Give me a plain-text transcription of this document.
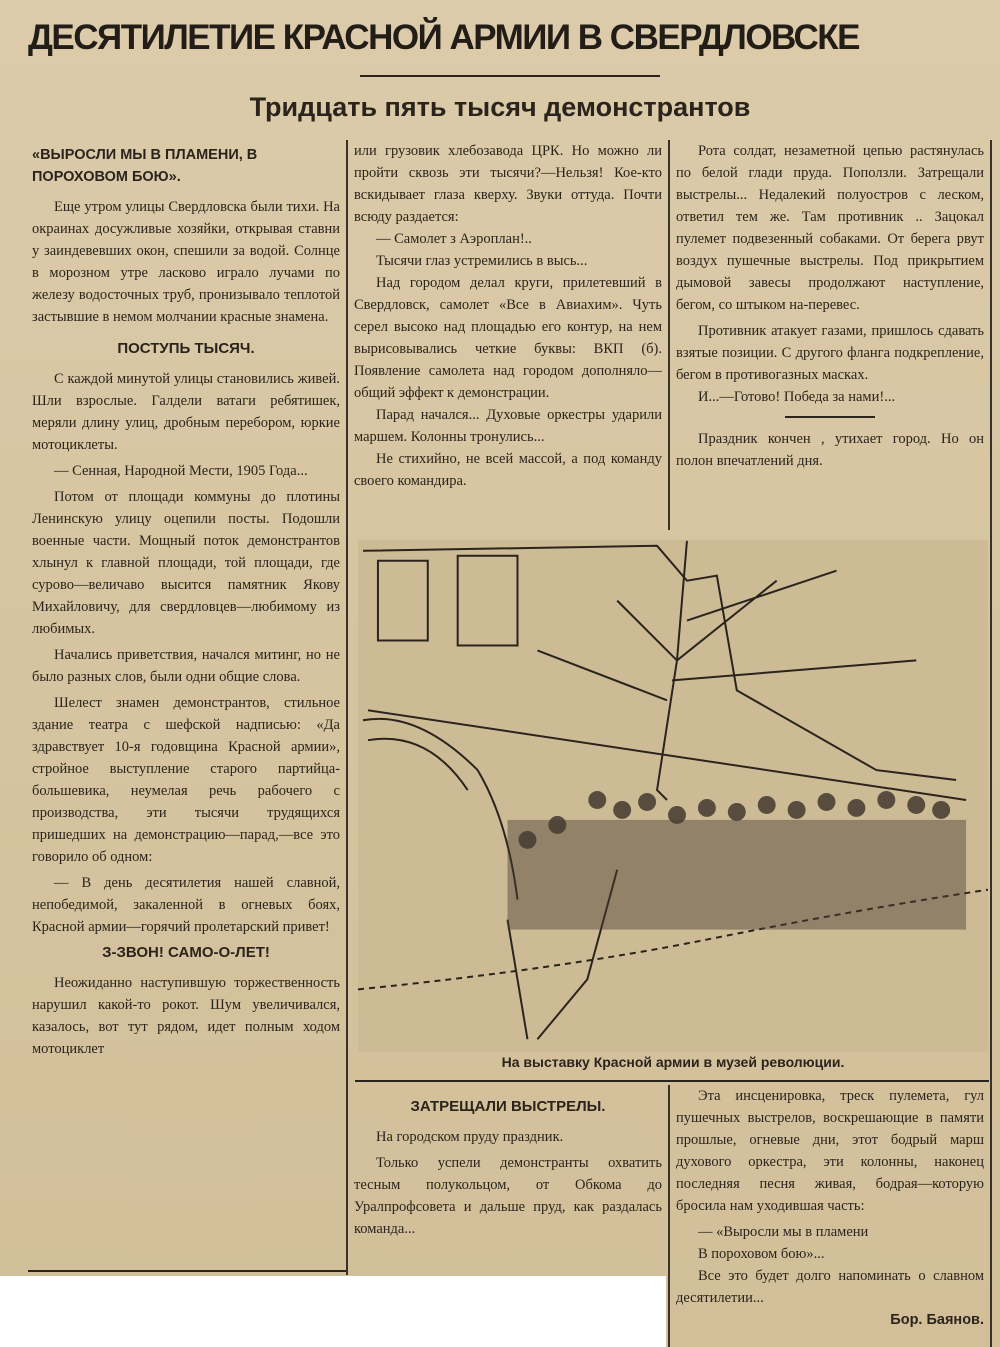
ДЕСЯТИЛЕТИЕ КРАСНОЙ АРМИИ В СВЕРДЛОВСКЕ
Тридцать пять тысяч демонстрантов
«ВЫРОСЛИ МЫ В ПЛАМЕНИ, В ПОРОХОВОМ БОЮ».

Еще утром улицы Свердловска были тихи. На окраинах досужливые хозяйки, открывая ставни у заиндевевших окон, спешили за водой. Солнце в морозном утре ласково играло лучами по железу водосточных труб, пронизывало теплотой застывшие в немом молчании красные знамена.

ПОСТУПЬ ТЫСЯЧ.

С каждой минутой улицы становились живей. Шли взрослые. Галдели ватаги ребятишек, меряли длину улиц, дробным перебором, юркие мотоциклеты.

— Сенная, Народной Мести, 1905 Года...

Потом от площади коммуны до плотины Ленинскую улицу оцепили посты. Подошли военные части. Мощный поток демонстрантов хлынул к главной площади, той площади, где сурово—величаво высится памятник Якову Михайловичу, для свердловцев—любимому из любимых.

Начались приветствия, начался митинг, но не было разных слов, были одни общие слова.

Шелест знамен демонстрантов, стильное здание театра с шефской надписью: «Да здравствует 10-я годовщина Красной армии», стройное выступление старого партийца-большевика, неумелая речь рабочего с производства, эти тысячи трудящихся пришедших на демонстрацию—парад,—все это говорило об одном:

— В день десятилетия нашей славной, непобедимой, закаленной в огневых боях, Красной армии—горячий пролетарский привет!

З-ЗВОН! САМО-О-ЛЕТ!

Неожиданно наступившую торжественность нарушил какой-то рокот. Шум увеличивался, казалось, вот тут рядом, идет полным ходом мотоциклет

или грузовик хлебозавода ЦРК. Но можно ли пройти сквозь эти тысячи?—Нельзя! Кое-кто вскидывает глаза кверху. Звуки оттуда. Почти всюду раздается:

— Самолет з Аэроплан!..

Тысячи глаз устремились в высь...

Над городом делал круги, прилетевший в Свердловск, самолет «Все в Авиахим». Чуть серел высоко над площадью его контур, на нем вырисовывались четкие буквы: ВКП (б). Появление самолета над городом дополняло—общий эффект к демонстрации.

Парад начался... Духовые оркестры ударили маршем. Колонны тронулись...

Не стихийно, не всей массой, а под команду своего командира.

Рота солдат, незаметной цепью растянулась по белой глади пруда. Поползли. Затрещали выстрелы... Недалекий полуостров с леском, ответил тем же. Там противник .. Зацокал пулемет подвезенный собаками. От берега рвут воздух пушечные выстрелы. Под прикрытием дымовой завесы продолжают наступление, бегом, со штыком на-перевес.

Противник атакует газами, пришлось сдавать взятые позиции. С другого фланга подкрепление, бегом в противогазных масках.

И...—Готово! Победа за нами!...

Праздник кончен , утихает город. Но он полон впечатлений дня.

На выставку Красной армии в музей революции.
ЗАТРЕЩАЛИ ВЫСТРЕЛЫ.

На городском пруду праздник.

Только успели демонстранты охватить тесным полукольцом, от Обкома до Уралпрофсовета и дальше пруд, как раздалась команда...

Эта инсценировка, треск пулемета, гул пушечных выстрелов, воскрешающие в памяти прошлые, огневые дни, этот бодрый марш духового оркестра, эти колонны, наконец последняя песня живая, бодрая—которую бросила нам уходившая часть:

— «Выросли мы в пламени

В пороховом бою»...

Все это будет долго напоминать о славном десятилетии...

Бор. Баянов.
